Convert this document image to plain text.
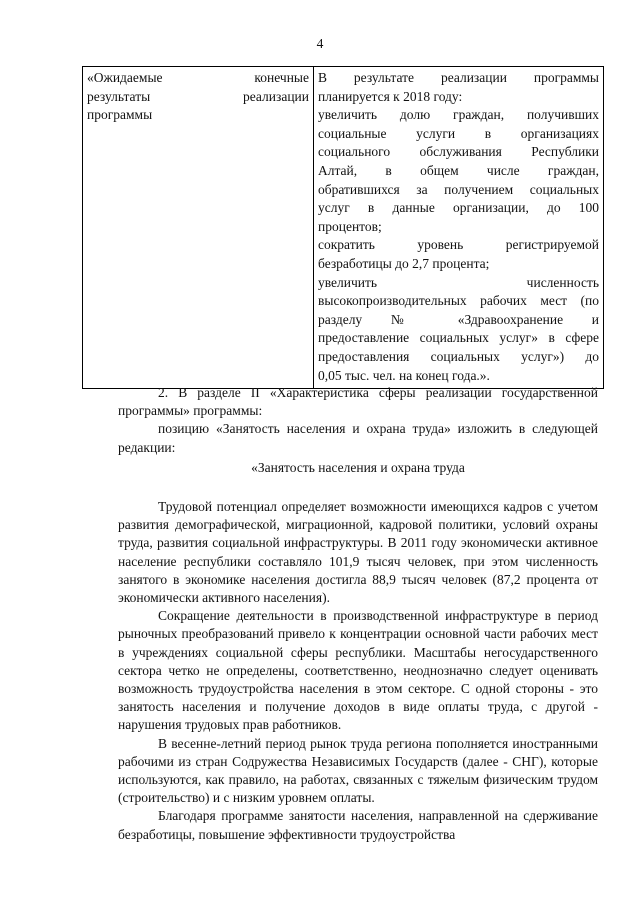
4
«Ожидаемые конечные
результаты реализации
программы

В результате реализации программы
планируется к 2018 году:
увеличить долю граждан, получивших
социальные услуги в организациях
социального обслуживания Республики
Алтай, в общем числе граждан,
обратившихся за получением социальных
услуг в данные организации, до 100
процентов;
сократить уровень регистрируемой
безработицы до 2,7 процента;
увеличить численность
высокопроизводительных рабочих мест (по
разделу № «Здравоохранение и
предоставление социальных услуг» в сфере
предоставления социальных услуг») до
0,05 тыс. чел. на конец года.».

2. В разделе II «Характеристика сферы реализации государственной программы» программы:

позицию «Занятость населения и охрана труда» изложить в следующей редакции:

«Занятость населения и охрана труда

Трудовой потенциал определяет возможности имеющихся кадров с учетом развития демографической, миграционной, кадровой политики, условий охраны труда, развития социальной инфраструктуры. В 2011 году экономически активное население республики составляло 101,9 тысяч человек, при этом численность занятого в экономике населения достигла 88,9 тысяч человек (87,2 процента от экономически активного населения).

Сокращение деятельности в производственной инфраструктуре в период рыночных преобразований привело к концентрации основной части рабочих мест в учреждениях социальной сферы республики. Масштабы негосударственного сектора четко не определены, соответственно, неоднозначно следует оценивать возможность трудоустройства населения в этом секторе. С одной стороны - это занятость населения и получение доходов в виде оплаты труда, с другой - нарушения трудовых прав работников.

В весенне-летний период рынок труда региона пополняется иностранными рабочими из стран Содружества Независимых Государств (далее - СНГ), которые используются, как правило, на работах, связанных с тяжелым физическим трудом (строительство) и с низким уровнем оплаты.

Благодаря программе занятости населения, направленной на сдерживание безработицы, повышение эффективности трудоустройства
